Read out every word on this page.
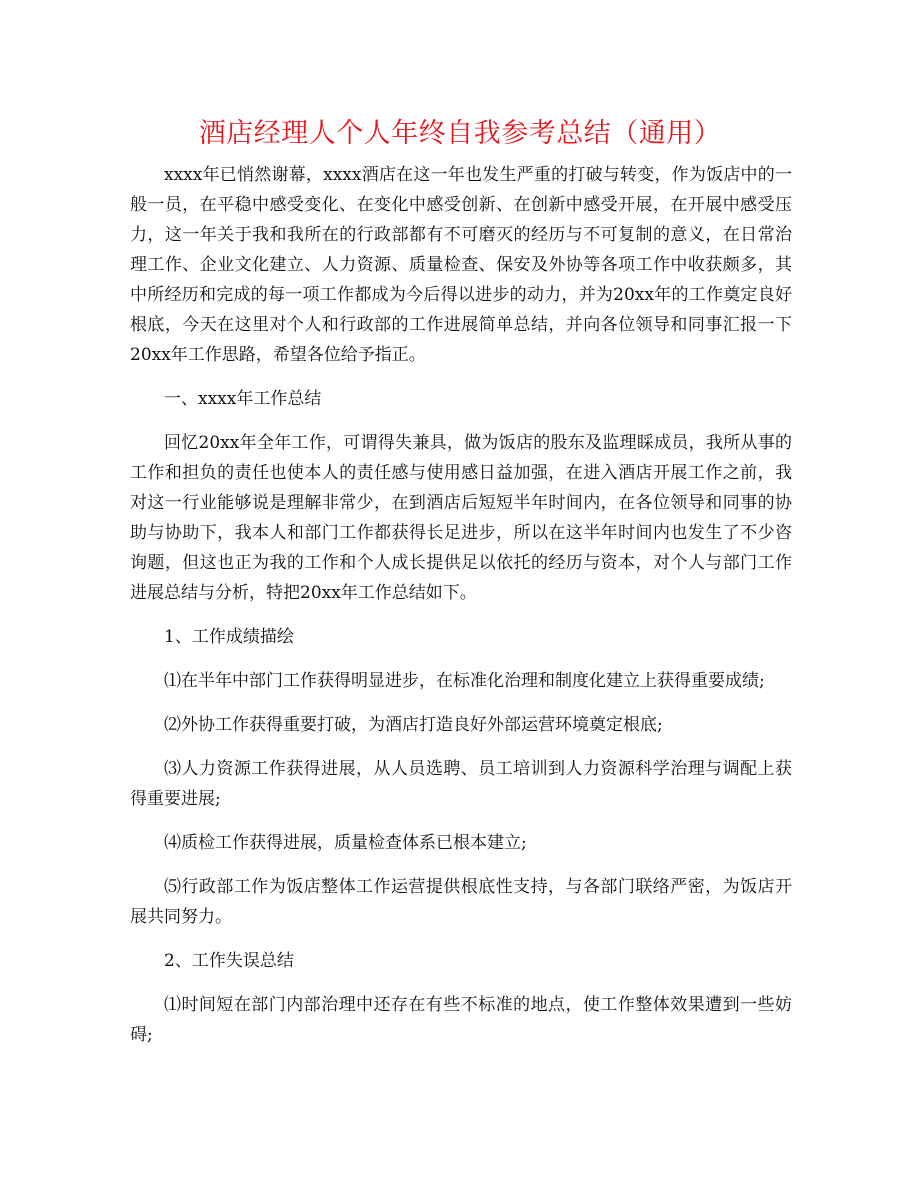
酒店经理人个人年终自我参考总结（通用）

xxxx年已悄然谢幕，xxxx酒店在这一年也发生严重的打破与转变，作为饭店中的一般一员，在平稳中感受变化、在变化中感受创新、在创新中感受开展，在开展中感受压力，这一年关于我和我所在的行政部都有不可磨灭的经历与不可复制的意义，在日常治理工作、企业文化建立、人力资源、质量检查、保安及外协等各项工作中收获颇多，其中所经历和完成的每一项工作都成为今后得以进步的动力，并为20xx年的工作奠定良好根底，今天在这里对个人和行政部的工作进展简单总结，并向各位领导和同事汇报一下20xx年工作思路，希望各位给予指正。

一、xxxx年工作总结

回忆20xx年全年工作，可谓得失兼具，做为饭店的股东及监理睬成员，我所从事的工作和担负的责任也使本人的责任感与使用感日益加强，在进入酒店开展工作之前，我对这一行业能够说是理解非常少，在到酒店后短短半年时间内，在各位领导和同事的协助与协助下，我本人和部门工作都获得长足进步，所以在这半年时间内也发生了不少咨询题，但这也正为我的工作和个人成长提供足以依托的经历与资本，对个人与部门工作进展总结与分析，特把20xx年工作总结如下。

1、工作成绩描绘

⑴在半年中部门工作获得明显进步，在标准化治理和制度化建立上获得重要成绩;

⑵外协工作获得重要打破，为酒店打造良好外部运营环境奠定根底;

⑶人力资源工作获得进展，从人员选聘、员工培训到人力资源科学治理与调配上获得重要进展;

⑷质检工作获得进展，质量检查体系已根本建立;

⑸行政部工作为饭店整体工作运营提供根底性支持，与各部门联络严密，为饭店开展共同努力。

2、工作失误总结

⑴时间短在部门内部治理中还存在有些不标准的地点，使工作整体效果遭到一些妨碍;
